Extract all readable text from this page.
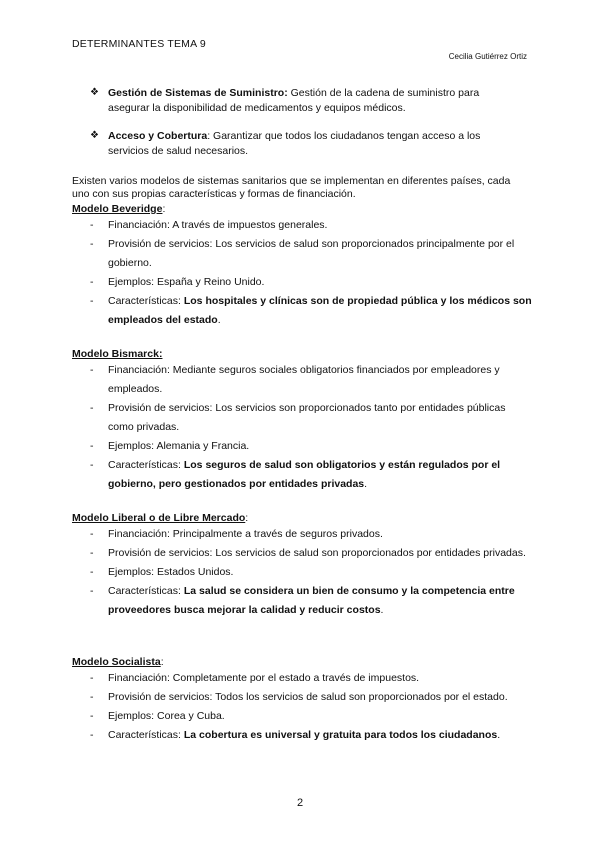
DETERMINANTES TEMA 9
Cecilia Gutiérrez Ortiz
❖ Gestión de Sistemas de Suministro: Gestión de la cadena de suministro para asegurar la disponibilidad de medicamentos y equipos médicos.
❖ Acceso y Cobertura: Garantizar que todos los ciudadanos tengan acceso a los servicios de salud necesarios.
Existen varios modelos de sistemas sanitarios que se implementan en diferentes países, cada uno con sus propias características y formas de financiación.
Modelo Beveridge:
- Financiación: A través de impuestos generales.
- Provisión de servicios: Los servicios de salud son proporcionados principalmente por el gobierno.
- Ejemplos: España y Reino Unido.
- Características: Los hospitales y clínicas son de propiedad pública y los médicos son empleados del estado.
Modelo Bismarck:
- Financiación: Mediante seguros sociales obligatorios financiados por empleadores y empleados.
- Provisión de servicios: Los servicios son proporcionados tanto por entidades públicas como privadas.
- Ejemplos: Alemania y Francia.
- Características: Los seguros de salud son obligatorios y están regulados por el gobierno, pero gestionados por entidades privadas.
Modelo Liberal o de Libre Mercado:
- Financiación: Principalmente a través de seguros privados.
- Provisión de servicios: Los servicios de salud son proporcionados por entidades privadas.
- Ejemplos: Estados Unidos.
- Características: La salud se considera un bien de consumo y la competencia entre proveedores busca mejorar la calidad y reducir costos.
Modelo Socialista:
- Financiación: Completamente por el estado a través de impuestos.
- Provisión de servicios: Todos los servicios de salud son proporcionados por el estado.
- Ejemplos: Corea y Cuba.
- Características: La cobertura es universal y gratuita para todos los ciudadanos.
2
